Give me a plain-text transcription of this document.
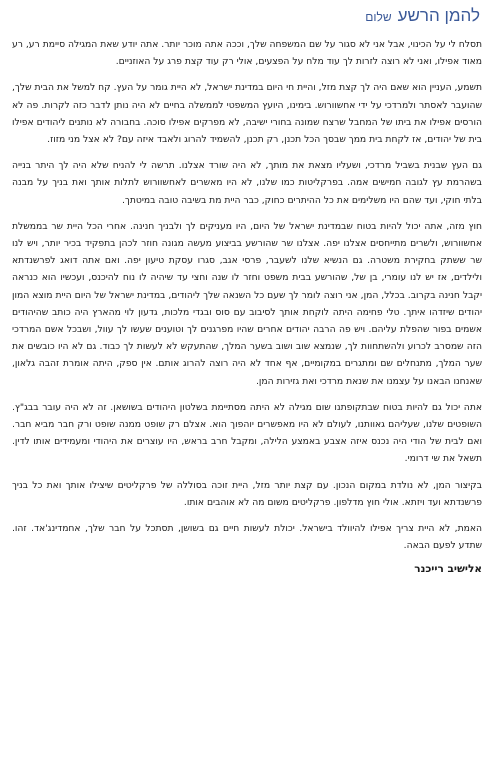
להמן הרשע
שלום

תסלח לי על הכינוי, אבל אני לא סגור על שם המשפחה שלך, וככה אתה מוכר יותר. אתה יודע שאת המגילה סיימת רע, רע מאוד אפילו, ואני לא רוצה לזרות לך עוד מלח על הפצעים, אולי רק עוד קצת פרג על האוזניים.

תשמע, העניין הוא שאם היה לך קצת מזל, והיית חי היום במדינת ישראל, לא היית גומר על העץ. קח למשל את הבית שלך, שהועבר לאסתר ולמרדכי על ידי אחשוורוש. בימינו, היועץ המשפטי לממשלה בחיים לא היה נותן לדבר כזה לקרות. פה לא הורסים אפילו את ביתו של המחבל שרצח שמונה בחורי ישיבה, לא מפרקים אפילו סוכה. בחבורה לא נותנים ליהודים אפילו בית של יהודים, אז לקחת בית ממך שבסך הכל תכנן, רק תכנן, להשמיד להרוג ולאבד איזה עם? לא אצל מני מזוז.

גם העץ שבנית בשביל מרדכי, ושעליו מצאת את מותך, לא היה שורד אצלנו. תרשה לי להניח שלא היה לך היתר בנייה בשהרמת עץ לגובה חמישים אמה. בפרקליטות כמו שלנו, לא היו מאשרים לאחשוורוש לתלות אותך ואת בניך על מבנה בלתי חוקי, ועד שהם היו משלימים את כל ההיתרים כחוק, כבר היית מת בשיבה טובה במיטתך.

חוץ מזה, אתה יכול להיות בטוח שבמדינת ישראל של היום, היו מעניקים לך ולבניך חנינה. אחרי הכל היית שר בממשלת אחשוורוש, ולשרים מתייחסים אצלנו יפה. אצלנו שר שהורשע בביצוע מעשה מגונה חוזר לכהן בתפקיד בכיר יותר, ויש לנו שר ששתק בחקירת משטרה. גם הנשיא שלנו לשעבר, פרסי אגב, סגרו עסקת טיעון יפה. ואם אתה דואג לפרשנדתא ולילדים, אז יש לנו עומרי, בן של, שהורשע בבית משפט וחזר לו שנה וחצי עד שיהיה לו נוח להיכנס, ועכשיו הוא כנראה יקבל חנינה בקרוב. בכלל, המן, אני רוצה לומר לך שעם כל השנאה שלך ליהודים, במדינת ישראל של היום היית מוצא המון יהודים שיזדהו איתך. טלי פחימה היתה לוקחת אותך לסיבוב עם סוס ובגדי מלכות, גדעון לוי מהארץ היה כותב שהיהודים אשמים בפור שהפלת עליהם. ויש פה הרבה יהודים אחרים שהיו מפרגנים לך וטוענים שעשו לך עוול, ושבכל אשם המרדכי הזה שמסרב לכרוע ולהשתחוות לך, שנמצא שוב ושוב בשער המלך, שהתעקש לא לעשות לך כבוד. גם לא היו כובשים את שער המלך, מתנחלים שם ומתגרים במקומיים, אף אחד לא היה רוצה להרוג אותם. אין ספק, היתה אומרת זהבה גלאון, שאנחנו הבאנו על עצמנו את שנאת מרדכי ואת גזירות המן.

אתה יכול גם להיות בטוח שבתקופתנו שום מגילה לא היתה מסתיימת בשלטון היהודים בשושאן. זה לא היה עובר בבג"ץ. השופטים שלנו, שעליהם גאוותנו, לעולם לא היו מאפשרים יוהפוך הוא. אצלם רק שופט ממנה שופט ורק חבר מביא חבר. ואם לבית של הודי היה נכנס איזה אצבע באמצע הלילה, ומקבל חרב בראש, היו עוצרים את היהודי ומעמידים אותו לדין. תשאל את שי דרומי.

בקיצור המן, לא נולדת במקום הנכון. עם קצת יותר מזל, היית זוכה בסוללה של פרקליטים שיצילו אותך ואת כל בניך פרשנדתא ועד ויזתא. אולי חוץ מדלפון. פרקליטים משום מה לא אוהבים אותו.

האמת, לא היית צריך אפילו להיוולד בישראל. יכולת לעשות חיים גם בשושן, תסתכל על חבר שלך, אחמדינג'אד. זהו. שתדע לפעם הבאה.

אלישיב רייכנר
